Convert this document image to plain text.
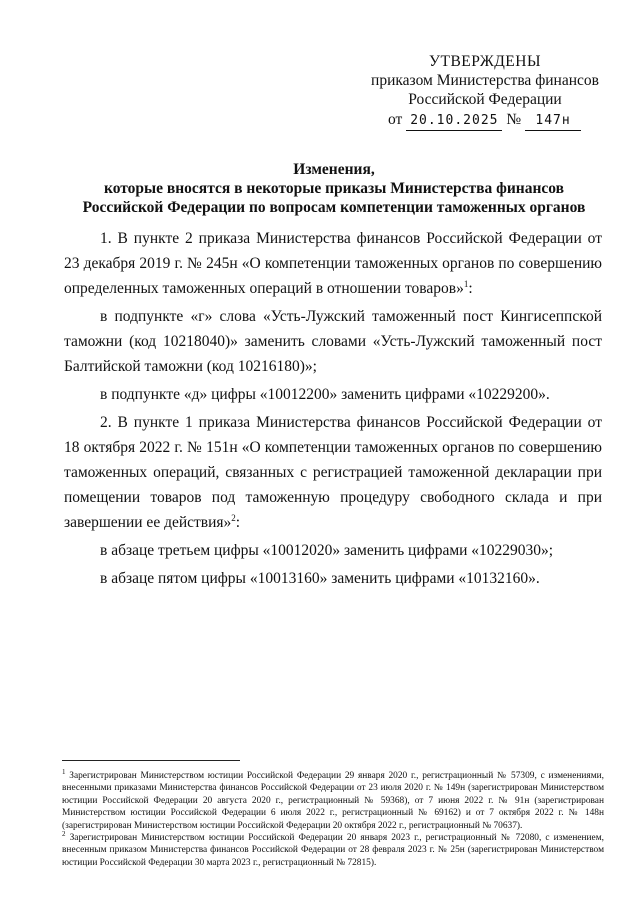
УТВЕРЖДЕНЫ
приказом Министерства финансов
Российской Федерации
от 20.10.2025 № 147н
Изменения,
которые вносятся в некоторые приказы Министерства финансов
Российской Федерации по вопросам компетенции таможенных органов

1. В пункте 2 приказа Министерства финансов Российской Федерации от 23 декабря 2019 г. № 245н «О компетенции таможенных органов по совершению определенных таможенных операций в отношении товаров»$^1$:

в подпункте «г» слова «Усть-Лужский таможенный пост Кингисеппской таможни (код 10218040)» заменить словами «Усть-Лужский таможенный пост Балтийской таможни (код 10216180)»;

в подпункте «д» цифры «10012200» заменить цифрами «10229200».

2. В пункте 1 приказа Министерства финансов Российской Федерации от 18 октября 2022 г. № 151н «О компетенции таможенных органов по совершению таможенных операций, связанных с регистрацией таможенной декларации при помещении товаров под таможенную процедуру свободного склада и при завершении ее действия»$^2$:

в абзаце третьем цифры «10012020» заменить цифрами «10229030»;

в абзаце пятом цифры «10013160» заменить цифрами «10132160».

$^1$ Зарегистрирован Министерством юстиции Российской Федерации 29 января 2020 г., регистрационный № 57309, с изменениями, внесенными приказами Министерства финансов Российской Федерации от 23 июля 2020 г. № 149н (зарегистрирован Министерством юстиции Российской Федерации 20 августа 2020 г., регистрационный № 59368), от 7 июня 2022 г. № 91н (зарегистрирован Министерством юстиции Российской Федерации 6 июля 2022 г., регистрационный № 69162) и от 7 октября 2022 г. № 148н (зарегистрирован Министерством юстиции Российской Федерации 20 октября 2022 г., регистрационный № 70637).

$^2$ Зарегистрирован Министерством юстиции Российской Федерации 20 января 2023 г., регистрационный № 72080, с изменением, внесенным приказом Министерства финансов Российской Федерации от 28 февраля 2023 г. № 25н (зарегистрирован Министерством юстиции Российской Федерации 30 марта 2023 г., регистрационный № 72815).
